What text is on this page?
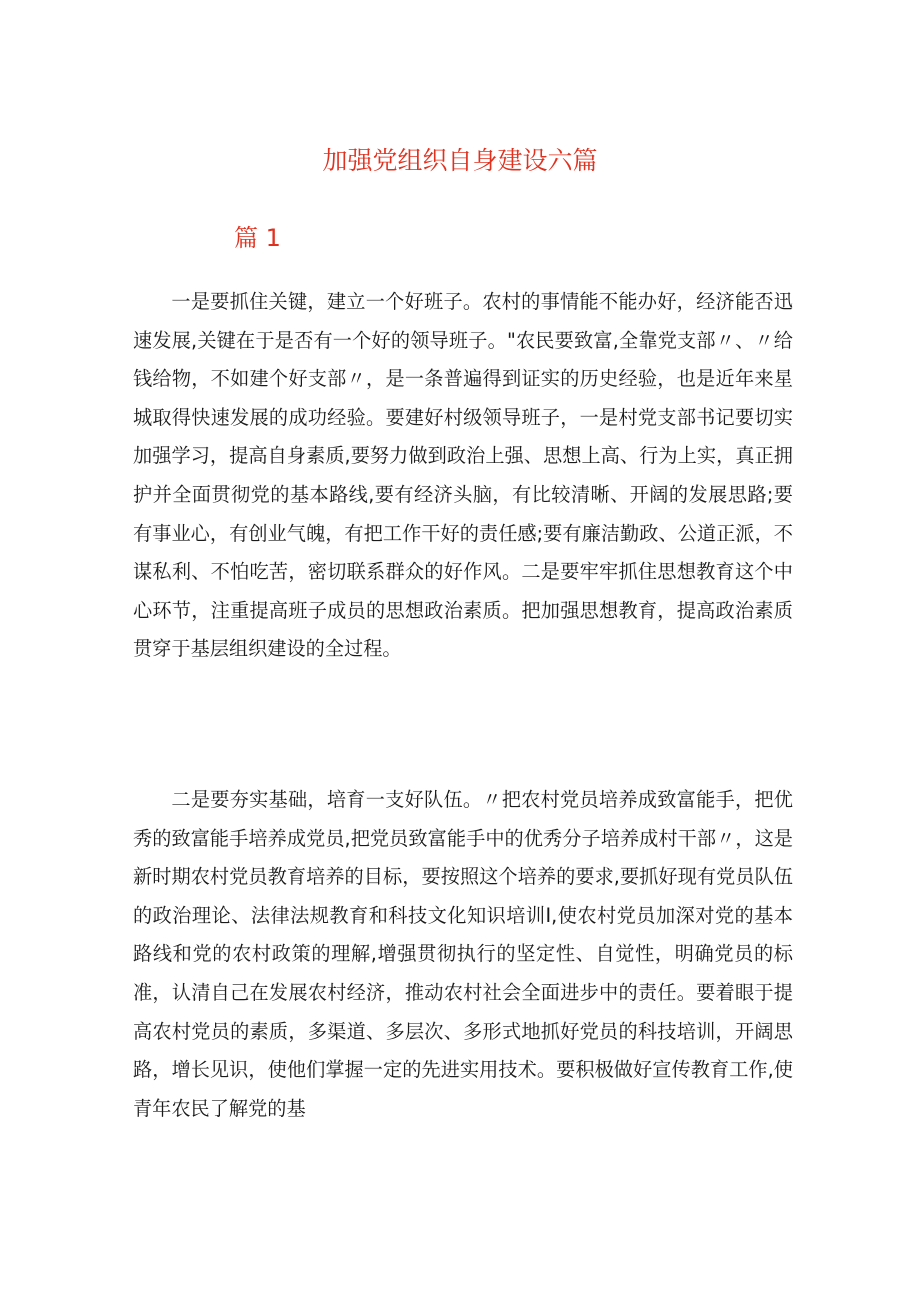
加强党组织自身建设六篇
篇 1

一是要抓住关键，建立一个好班子。农村的事情能不能办好，经济能否迅速发展,关键在于是否有一个好的领导班子。"农民要致富,全靠党支部〃、〃给钱给物，不如建个好支部〃，是一条普遍得到证实的历史经验，也是近年来星城取得快速发展的成功经验。要建好村级领导班子，一是村党支部书记要切实加强学习，提高自身素质,要努力做到政治上强、思想上高、行为上实，真正拥护并全面贯彻党的基本路线,要有经济头脑，有比较清晰、开阔的发展思路;要有事业心，有创业气魄，有把工作干好的责任感;要有廉洁勤政、公道正派，不谋私利、不怕吃苦，密切联系群众的好作风。二是要牢牢抓住思想教育这个中心环节，注重提高班子成员的思想政治素质。把加强思想教育，提高政治素质贯穿于基层组织建设的全过程。

二是要夯实基础，培育一支好队伍。〃把农村党员培养成致富能手，把优秀的致富能手培养成党员,把党员致富能手中的优秀分子培养成村干部〃，这是新时期农村党员教育培养的目标，要按照这个培养的要求,要抓好现有党员队伍的政治理论、法律法规教育和科技文化知识培训I,使农村党员加深对党的基本路线和党的农村政策的理解,增强贯彻执行的坚定性、自觉性，明确党员的标准，认清自己在发展农村经济，推动农村社会全面进步中的责任。要着眼于提高农村党员的素质，多渠道、多层次、多形式地抓好党员的科技培训，开阔思路，增长见识，使他们掌握一定的先进实用技术。要积极做好宣传教育工作,使青年农民了解党的基
